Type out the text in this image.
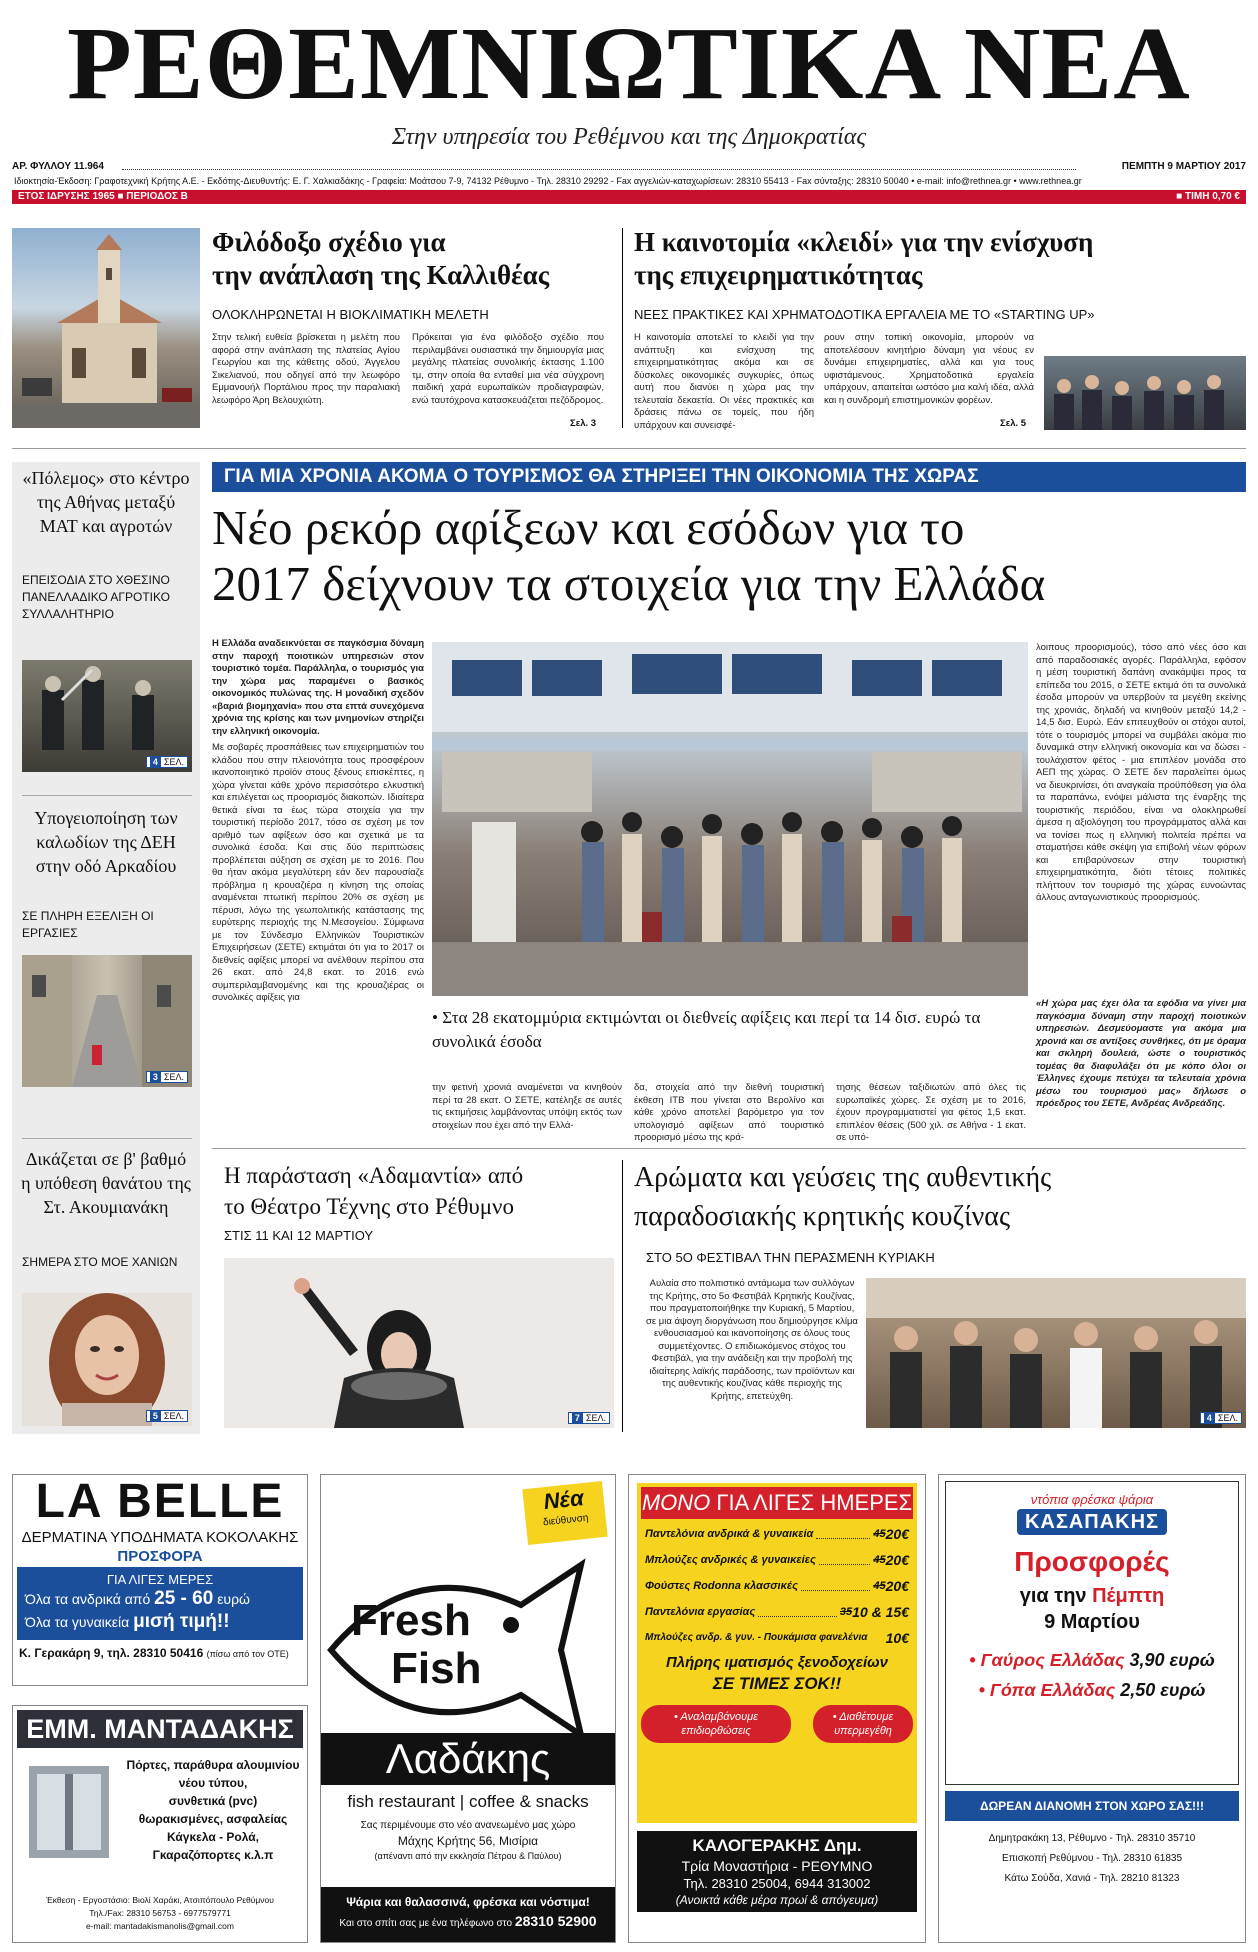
ΡΕΘΕΜΝΙΩΤΙΚΑ ΝΕΑ
Στην υπηρεσία του Ρεθέμνου και της Δημοκρατίας
ΑΡ. ΦΥΛΛΟΥ 11.964	ΠΕΜΠΤΗ 9 ΜΑΡΤΙΟΥ 2017
Ιδιοκτησία-Έκδοση: Γραφοτεχνική Κρήτης Α.Ε. - Εκδότης-Διευθυντής: Ε. Γ. Χαλκιαδάκης - Γραφεία: Μοάτσου 7-9, 74132 Ρέθυμνο - Τηλ. 28310 29292 - Fax αγγελιών-καταχωρίσεων: 28310 55413 - Fax σύνταξης: 28310 50040 • e-mail: info@rethnea.gr • www.rethnea.gr
ΕΤΟΣ ΙΔΡΥΣΗΣ 1965 ■ ΠΕΡΙΟΔΟΣ Β	■ ΤΙΜΗ 0,70 €
Φιλόδοξο σχέδιο για
την ανάπλαση της Καλλιθέας
ΟΛΟΚΛΗΡΩΝΕΤΑΙ Η ΒΙΟΚΛΙΜΑΤΙΚΗ ΜΕΛΕΤΗ
Στην τελική ευθεία βρίσκεται η μελέτη που αφορά στην ανάπλαση της πλατείας Αγίου Γεωργίου και της κάθετης οδού, Άγγελου Σικελιανού, που οδηγεί από την λεωφόρο Εμμανουήλ Πορτάλιου προς την παραλιακή λεωφόρο Άρη Βελουχιώτη.
Πρόκειται για ένα φιλόδοξο σχέδιο που περιλαμβάνει ουσιαστικά την δημιουργία μιας μεγάλης πλατείας συνολικής έκτασης 1.100 τμ, στην οποία θα ενταθεί μια νέα σύγχρονη παιδική χαρά ευρωπαϊκών προδιαγραφών, ενώ ταυτόχρονα κατασκευάζεται πεζόδρομος.
Σελ. 3
Η καινοτομία «κλειδί» για την ενίσχυση
της επιχειρηματικότητας
ΝΕΕΣ ΠΡΑΚΤΙΚΕΣ ΚΑΙ ΧΡΗΜΑΤΟΔΟΤΙΚΑ ΕΡΓΑΛΕΙΑ ΜΕ ΤΟ «STARTING UP»
Η καινοτομία αποτελεί το κλειδί για την ανάπτυξη και ενίσχυση της επιχειρηματικότητας ακόμα και σε δύσκολες οικονομικές συγκυρίες, όπως αυτή που διανύει η χώρα μας την τελευταία δεκαετία. Οι νέες πρακτικές και δράσεις πάνω σε τομείς, που ήδη υπάρχουν και συνεισφέ-
ρουν στην τοπική οικονομία, μπορούν να αποτελέσουν κινητήριο δύναμη για νέους εν δυνάμει επιχειρηματίες, αλλά και για τους υφιστάμενους. Χρηματοδοτικά εργαλεία υπάρχουν, απαιτείται ωστόσο μια καλή ιδέα, αλλά και η συνδρομή επιστημονικών φορέων.
Σελ. 5
«Πόλεμος» στο κέντρο της Αθήνας μεταξύ ΜΑΤ και αγροτών
ΕΠΕΙΣΟΔΙΑ ΣΤΟ ΧΘΕΣΙΝΟ ΠΑΝΕΛΛΑΔΙΚΟ ΑΓΡΟΤΙΚΟ ΣΥΛΛΑΛΗΤΗΡΙΟ
4 ΣΕΛ.
Υπογειοποίηση των καλωδίων της ΔΕΗ στην οδό Αρκαδίου
ΣΕ ΠΛΗΡΗ ΕΞΕΛΙΞΗ ΟΙ ΕΡΓΑΣΙΕΣ
3 ΣΕΛ.
Δικάζεται σε β' βαθμό η υπόθεση θανάτου της Στ. Ακουμιανάκη
ΣΗΜΕΡΑ ΣΤΟ ΜΟΕ ΧΑΝΙΩΝ
5 ΣΕΛ.
ΓΙΑ ΜΙΑ ΧΡΟΝΙΑ ΑΚΟΜΑ Ο ΤΟΥΡΙΣΜΟΣ ΘΑ ΣΤΗΡΙΞΕΙ ΤΗΝ ΟΙΚΟΝΟΜΙΑ ΤΗΣ ΧΩΡΑΣ
Νέο ρεκόρ αφίξεων και εσόδων για το
2017 δείχνουν τα στοιχεία για την Ελλάδα
Η Ελλάδα αναδεικνύεται σε παγκόσμια δύναμη στην παροχή ποιοτικών υπηρεσιών στον τουριστικό τομέα. Παράλληλα, ο τουρισμός για την χώρα μας παραμένει ο βασικός οικονομικός πυλώνας της. Η μοναδική σχεδόν «βαριά βιομηχανία» που στα επτά συνεχόμενα χρόνια της κρίσης και των μνημονίων στηρίζει την ελληνική οικονομία.
Με σοβαρές προσπάθειες των επιχειρηματιών του κλάδου που στην πλειονότητα τους προσφέρουν ικανοποιητικό προϊόν στους ξένους επισκέπτες, η χώρα γίνεται κάθε χρόνο περισσότερο ελκυστική και επιλέγεται ως προορισμός διακοπών. Ιδιαίτερα θετικά είναι τα έως τώρα στοιχεία για την τουριστική περίοδο 2017, τόσο σε σχέση με τον αριθμό των αφίξεων όσο και σχετικά με τα συνολικά έσοδα. Και στις δύο περιπτώσεις προβλέπεται αύξηση σε σχέση με το 2016. Που θα ήταν ακόμα μεγαλύτερη εάν δεν παρουσίαζε πρόβλημα η κρουαζιέρα η κίνηση της οποίας αναμένεται πτωτική περίπου 20% σε σχέση με πέρυσι, λόγω της γεωπολιτικής κατάστασης της ευρύτερης περιοχής της Ν.Μεσογείου. Σύμφωνα με τον Σύνδεσμο Ελληνικών Τουριστικών Επιχειρήσεων (ΣΕΤΕ) εκτιμάται ότι για το 2017 οι διεθνείς αφίξεις μπορεί να ανέλθουν περίπου στα 26 εκατ. από 24,8 εκατ. το 2016 ενώ συμπεριλαμβανομένης και της κρουαζιέρας οι συνολικές αφίξεις για
• Στα 28 εκατομμύρια εκτιμώνται οι διεθνείς αφίξεις και περί τα 14 δισ. ευρώ τα συνολικά έσοδα
την φετινή χρονιά αναμένεται να κινηθούν περί τα 28 εκατ. Ο ΣΕΤΕ, κατέληξε σε αυτές τις εκτιμήσεις λαμβάνοντας υπόψη εκτός των στοιχείων που έχει από την Ελλά-
δα, στοιχεία από την διεθνή τουριστική έκθεση ΙΤΒ που γίνεται στο Βερολίνο και κάθε χρόνο αποτελεί βαρόμετρο για τον υπολογισμό αφίξεων από τουριστικό προορισμό μέσω της κρά-
τησης θέσεων ταξιδιωτών από όλες τις ευρωπαϊκές χώρες. Σε σχέση με το 2016, έχουν προγραμματιστεί για φέτος 1,5 εκατ. επιπλέον θέσεις (500 χιλ. σε Αθήνα - 1 εκατ. σε υπό-
λοιπους προορισμούς), τόσο από νέες όσο και από παραδοσιακές αγορές. Παράλληλα, εφόσον η μέση τουριστική δαπάνη ανακάμψει προς τα επίπεδα του 2015, ο ΣΕΤΕ εκτιμά ότι τα συνολικά έσοδα μπορούν να υπερβούν τα μεγέθη εκείνης της χρονιάς, δηλαδή να κινηθούν μεταξύ 14,2 - 14,5 δισ. Ευρώ. Εάν επιτευχθούν οι στόχοι αυτοί, τότε ο τουρισμός μπορεί να συμβάλει ακόμα πιο δυναμικά στην ελληνική οικονομία και να δώσει - τουλάχιστον φέτος - μια επιπλέον μονάδα στο ΑΕΠ της χώρας. Ο ΣΕΤΕ δεν παραλείπει όμως να διευκρινίσει, ότι αναγκαία προϋπόθεση για όλα τα παραπάνω, ενόψει μάλιστα της έναρξης της τουριστικής περιόδου, είναι να ολοκληρωθεί άμεσα η αξιολόγηση του προγράμματος αλλά και να τονίσει πως η ελληνική πολιτεία πρέπει να σταματήσει κάθε σκέψη για επιβολή νέων φόρων και επιβαρύνσεων στην τουριστική επιχειρηματικότητα, διότι τέτοιες πολιτικές πλήττουν τον τουρισμό της χώρας ευνοώντας άλλους ανταγωνιστικούς προορισμούς.
«Η χώρα μας έχει όλα τα εφόδια να γίνει μια παγκόσμια δύναμη στην παροχή ποιοτικών υπηρεσιών. Δεσμεύομαστε για ακόμα μια χρονιά και σε αντίξοες συνθήκες, ότι με όραμα και σκληρή δουλειά, ώστε ο τουριστικός τομέας θα διαφυλάξει ότι με κόπο όλοι οι Έλληνες έχουμε πετύχει τα τελευταία χρόνια μέσω του τουρισμού μας» δήλωσε ο πρόεδρος του ΣΕΤΕ, Ανδρέας Ανδρεάδης.
Η παράσταση «Αδαμαντία» από
το Θέατρο Τέχνης στο Ρέθυμνο
ΣΤΙΣ 11 ΚΑΙ 12 ΜΑΡΤΙΟΥ
7 ΣΕΛ.
Αρώματα και γεύσεις της αυθεντικής
παραδοσιακής κρητικής κουζίνας
ΣΤΟ 5Ο ΦΕΣΤΙΒΑΛ ΤΗΝ ΠΕΡΑΣΜΕΝΗ ΚΥΡΙΑΚΗ
Αυλαία στο πολιτιστικό αντάμωμα των συλλόγων της Κρήτης, στο 5ο Φεστιβάλ Κρητικής Κουζίνας, που πραγματοποιήθηκε την Κυριακή, 5 Μαρτίου, σε μια άψογη διοργάνωση που δημιούργησε κλίμα ενθουσιασμού και ικανοποίησης σε όλους τους συμμετέχοντες. Ο επιδιωκόμενος στόχος του Φεστιβάλ, για την ανάδειξη και την προβολή της ιδιαίτερης λαϊκής παράδοσης, των προϊόντων και της αυθεντικής κουζίνας κάθε περιοχής της Κρήτης, επετεύχθη.
4 ΣΕΛ.
LA BELLE
ΔΕΡΜΑΤΙΝΑ ΥΠΟΔΗΜΑΤΑ ΚΟΚΟΛΑΚΗΣ
ΠΡΟΣΦΟΡΑ
ΓΙΑ ΛΙΓΕΣ ΜΕΡΕΣ
Όλα τα ανδρικά από 25 - 60 ευρώ
Όλα τα γυναικεία μισή τιμή!!
Κ. Γερακάρη 9, τηλ. 28310 50416 (πίσω από τον ΟΤΕ)
ΕΜΜ. ΜΑΝΤΑΔΑΚΗΣ
Πόρτες, παράθυρα αλουμινίου
νέου τύπου,
συνθετικά (pvc)
θωρακισμένες, ασφαλείας
Κάγκελα - Ρολά,
Γκαραζόπορτες κ.λ.π
Έκθεση - Εργοστάσιο: Βιολί Χαράκι, Ατσιπόπουλο Ρεθύμνου
Τηλ./Fax: 28310 56753 - 6977579771
e-mail: mantadakismanolis@gmail.com
Νέα
διεύθυνση
Fresh
Fish
Λαδάκης
fish restaurant | coffee & snacks
Σας περιμένουμε στο νέο ανανεωμένο μας χώρο
Μάχης Κρήτης 56, Μισίρια
(απέναντι από την εκκλησία Πέτρου & Παύλου)
Ψάρια και θαλασσινά, φρέσκα και νόστιμα!
Και στο σπίτι σας με ένα τηλέφωνο στο 28310 52900
ΜΟΝΟ ΓΙΑ ΛΙΓΕΣ ΗΜΕΡΕΣ
Παντελόνια ανδρικά & γυναικεία	45 20€
Μπλούζες ανδρικές & γυναικείες	45 20€
Φούστες Rodonna κλασσικές	45 20€
Παντελόνια εργασίας	35 10 & 15€
Μπλούζες ανδρ. & γυν. - Πουκάμισα φανελένια 10€
Πλήρης ιματισμός ξενοδοχείων
ΣΕ ΤΙΜΕΣ ΣΟΚ!!
• Αναλαμβάνουμε επιδιορθώσεις
• Διαθέτουμε υπερμεγέθη
ΚΑΛΟΓΕΡΑΚΗΣ Δημ.
Τρία Μοναστήρια - ΡΕΘΥΜΝΟ
Τηλ. 28310 25004, 6944 313002
(Ανοικτά κάθε μέρα πρωί & απόγευμα)
ντόπια φρέσκα ψάρια
ΚΑΣΑΠΑΚΗΣ
Προσφορές
για την Πέμπτη
9 Μαρτίου
• Γαύρος Ελλάδας 3,90 ευρώ
• Γόπα Ελλάδας 2,50 ευρώ
ΔΩΡΕΑΝ ΔΙΑΝΟΜΗ ΣΤΟΝ ΧΩΡΟ ΣΑΣ!!!
Δημητρακάκη 13, Ρέθυμνο - Τηλ. 28310 35710
Επισκοπή Ρεθύμνου - Τηλ. 28310 61835
Κάτω Σούδα, Χανιά - Τηλ. 28210 81323
